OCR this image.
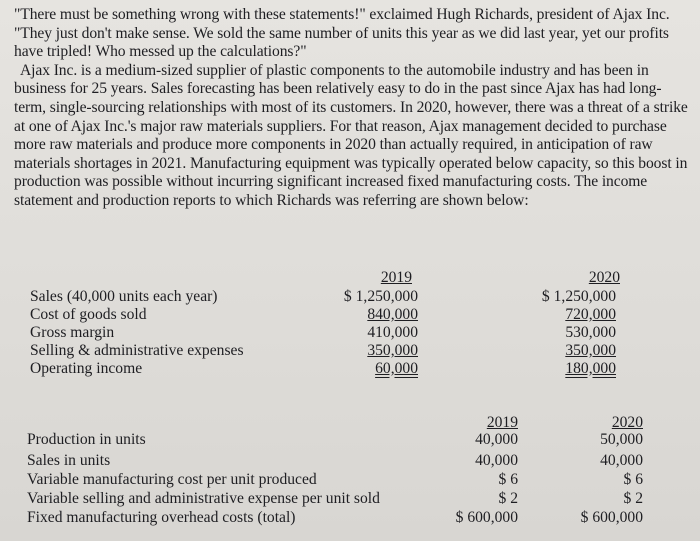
"There must be something wrong with these statements!" exclaimed Hugh Richards, president of Ajax Inc. "They just don't make sense. We sold the same number of units this year as we did last year, yet our profits have tripled! Who messed up the calculations?"

Ajax Inc. is a medium-sized supplier of plastic components to the automobile industry and has been in business for 25 years. Sales forecasting has been relatively easy to do in the past since Ajax has had long-term, single-sourcing relationships with most of its customers. In 2020, however, there was a threat of a strike at one of Ajax Inc.'s major raw materials suppliers. For that reason, Ajax management decided to purchase more raw materials and produce more components in 2020 than actually required, in anticipation of raw materials shortages in 2021. Manufacturing equipment was typically operated below capacity, so this boost in production was possible without incurring significant increased fixed manufacturing costs. The income statement and production reports to which Richards was referring are shown below:

2019	2020
Sales (40,000 units each year)	$ 1,250,000	$ 1,250,000
Cost of goods sold	840,000	720,000
Gross margin	410,000	530,000
Selling & administrative expenses	350,000	350,000
Operating income	60,000	180,000
2019	2020
Production in units	40,000	50,000
Sales in units	40,000	40,000
Variable manufacturing cost per unit produced	$ 6	$ 6
Variable selling and administrative expense per unit sold	$ 2	$ 2
Fixed manufacturing overhead costs (total)	$ 600,000	$ 600,000
